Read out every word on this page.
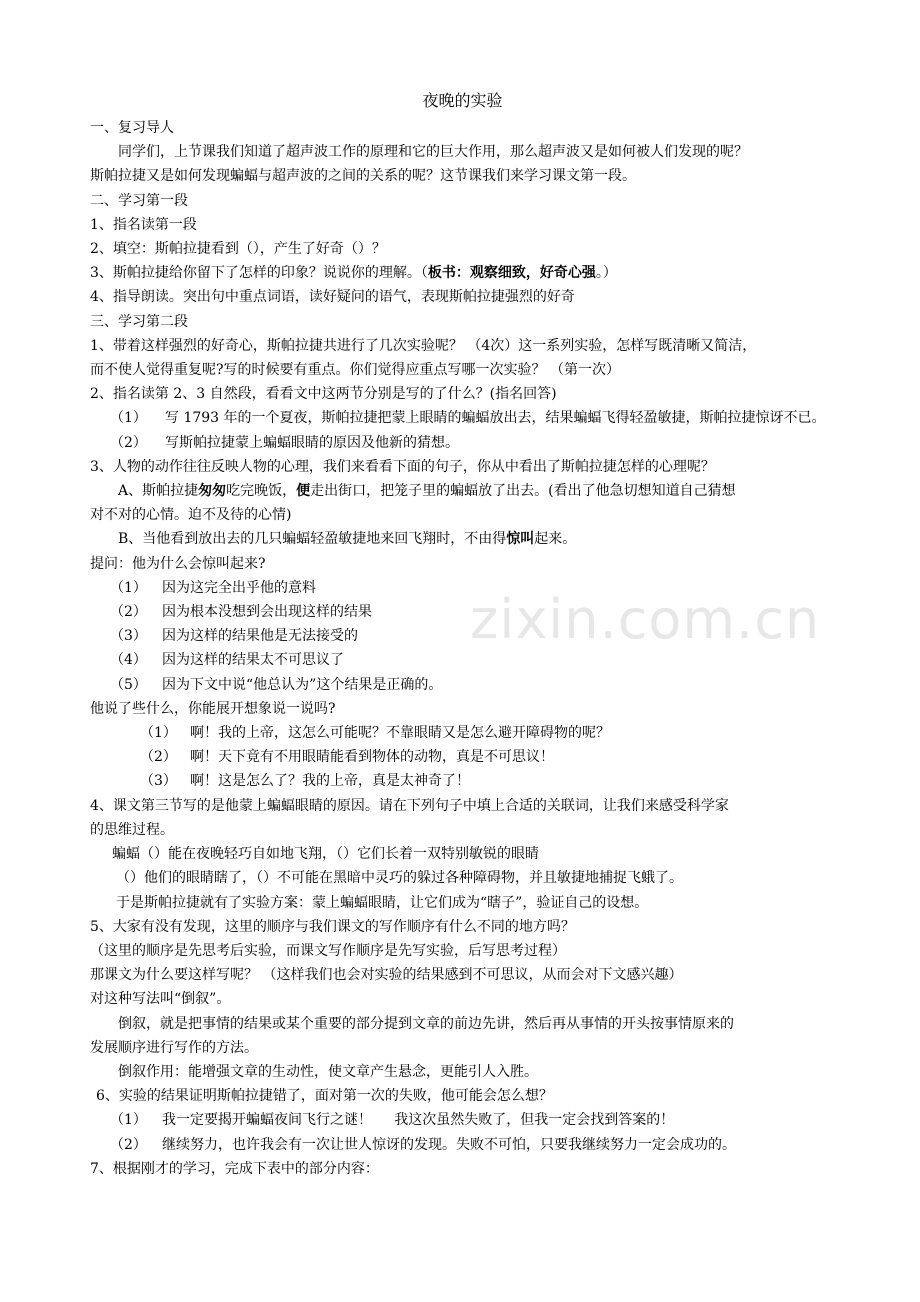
zixin.com.cn
夜晚的实验
一、复习导人
同学们，上节课我们知道了超声波工作的原理和它的巨大作用，那么超声波又是如何被人们发现的呢？
斯帕拉捷又是如何发现蝙蝠与超声波的之间的关系的呢？这节课我们来学习课文第一段。
二、学习第一段
1、指名读第一段
2、填空：斯帕拉捷看到（），产生了好奇（）？
3、斯帕拉捷给你留下了怎样的印象？说说你的理解。（板书：观察细致，好奇心强。）
4、指导朗读。突出句中重点词语，读好疑问的语气，表现斯帕拉捷强烈的好奇
三、学习第二段
1、带着这样强烈的好奇心，斯帕拉捷共进行了几次实验呢？ （4次）这一系列实验，怎样写既清晰又简洁，
而不使人觉得重复呢?写的时候要有重点。你们觉得应重点写哪一次实验？ （第一次）
2、指名读第 2、3 自然段，看看文中这两节分别是写的了什么？(指名回答)
（1）	写 1793 年的一个夏夜，斯帕拉捷把蒙上眼睛的蝙蝠放出去，结果蝙蝠飞得轻盈敏捷，斯帕拉捷惊讶不已。
（2）	写斯帕拉捷蒙上蝙蝠眼睛的原因及他新的猜想。
3、人物的动作往往反映人物的心理，我们来看看下面的句子，你从中看出了斯帕拉捷怎样的心理呢？
A、斯帕拉捷匆匆吃完晚饭，便走出街口，把笼子里的蝙蝠放了出去。(看出了他急切想知道自己猜想
对不对的心情。迫不及待的心情)
B、当他看到放出去的几只蝙蝠轻盈敏捷地来回飞翔时，不由得惊叫起来。
提问：他为什么会惊叫起来?
（1）	因为这完全出乎他的意料
（2）	因为根本没想到会出现这样的结果
（3）	因为这样的结果他是无法接受的
（4）	因为这样的结果太不可思议了
（5）	因为下文中说“他总认为”这个结果是正确的。
他说了些什么，你能展开想象说一说吗?
（1） 啊！我的上帝，这怎么可能呢？不靠眼睛又是怎么避开障碍物的呢？
（2） 啊！天下竟有不用眼睛能看到物体的动物，真是不可思议！
（3） 啊！这是怎么了？我的上帝，真是太神奇了！
4、课文第三节写的是他蒙上蝙蝠眼睛的原因。请在下列句子中填上合适的关联词，让我们来感受科学家
的思维过程。
蝙蝠（）能在夜晚轻巧自如地飞翔，（）它们长着一双特别敏锐的眼睛
（）他们的眼睛瞎了，（）不可能在黑暗中灵巧的躲过各种障碍物，并且敏捷地捕捉飞蛾了。
于是斯帕拉捷就有了实验方案：蒙上蝙蝠眼睛，让它们成为“瞎子”，验证自己的设想。
5、大家有没有发现，这里的顺序与我们课文的写作顺序有什么不同的地方吗？
（这里的顺序是先思考后实验，而课文写作顺序是先写实验，后写思考过程）
那课文为什么要这样写呢？ （这样我们也会对实验的结果感到不可思议，从而会对下文感兴趣）
对这种写法叫“倒叙”。
倒叙，就是把事情的结果或某个重要的部分提到文章的前边先讲，然后再从事情的开头按事情原来的
发展顺序进行写作的方法。
倒叙作用：能增强文章的生动性，使文章产生悬念，更能引人入胜。
6、实验的结果证明斯帕拉捷错了，面对第一次的失败，他可能会怎么想？
（1）	我一定要揭开蝙蝠夜间飞行之谜！     我这次虽然失败了，但我一定会找到答案的！
（2）	继续努力，也许我会有一次让世人惊讶的发现。失败不可怕，只要我继续努力一定会成功的。
7、根据刚才的学习，完成下表中的部分内容：
